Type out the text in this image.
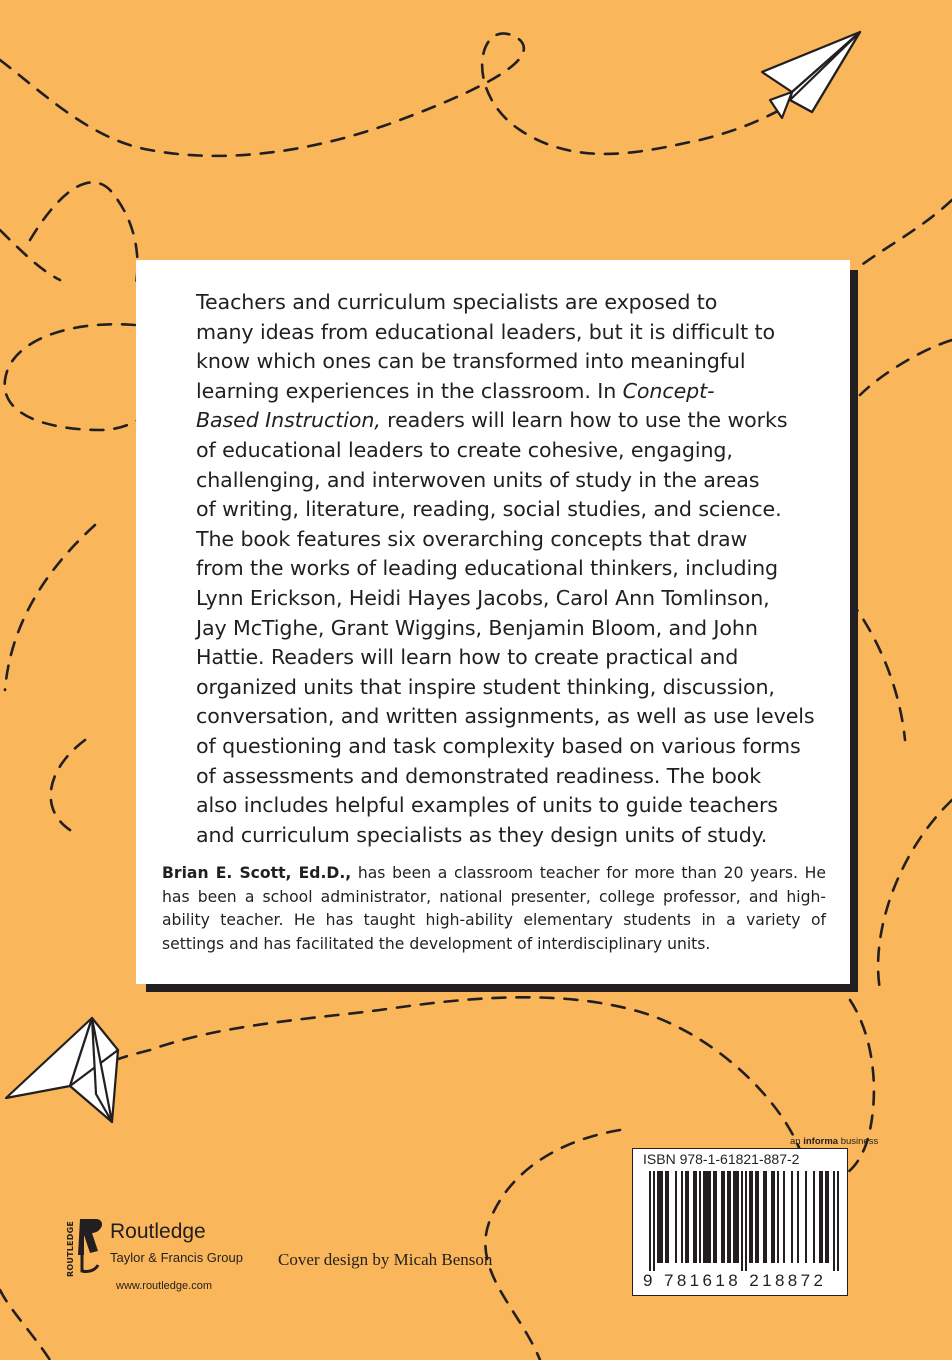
Teachers and curriculum specialists are exposed to
many ideas from educational leaders, but it is difficult to
know which ones can be transformed into meaningful
learning experiences in the classroom. In Concept-
Based Instruction, readers will learn how to use the works
of educational leaders to create cohesive, engaging,
challenging, and interwoven units of study in the areas
of writing, literature, reading, social studies, and science.
The book features six overarching concepts that draw
from the works of leading educational thinkers, including
Lynn Erickson, Heidi Hayes Jacobs, Carol Ann Tomlinson,
Jay McTighe, Grant Wiggins, Benjamin Bloom, and John
Hattie. Readers will learn how to create practical and
organized units that inspire student thinking, discussion,
conversation, and written assignments, as well as use levels
of questioning and task complexity based on various forms
of assessments and demonstrated readiness. The book
also includes helpful examples of units to guide teachers
and curriculum specialists as they design units of study.

Brian E. Scott, Ed.D., has been a classroom teacher for more than 20 years. He has been a school administrator, national presenter, college professor, and high-ability teacher. He has taught high-ability elementary students in a variety of settings and has facilitated the development of interdisciplinary units.

ROUTLEDGE Routledge
Taylor & Francis Group
www.routledge.com
Cover design by Micah Benson
an informa business
ISBN 978-1-61821-887-2
9 781618 218872
